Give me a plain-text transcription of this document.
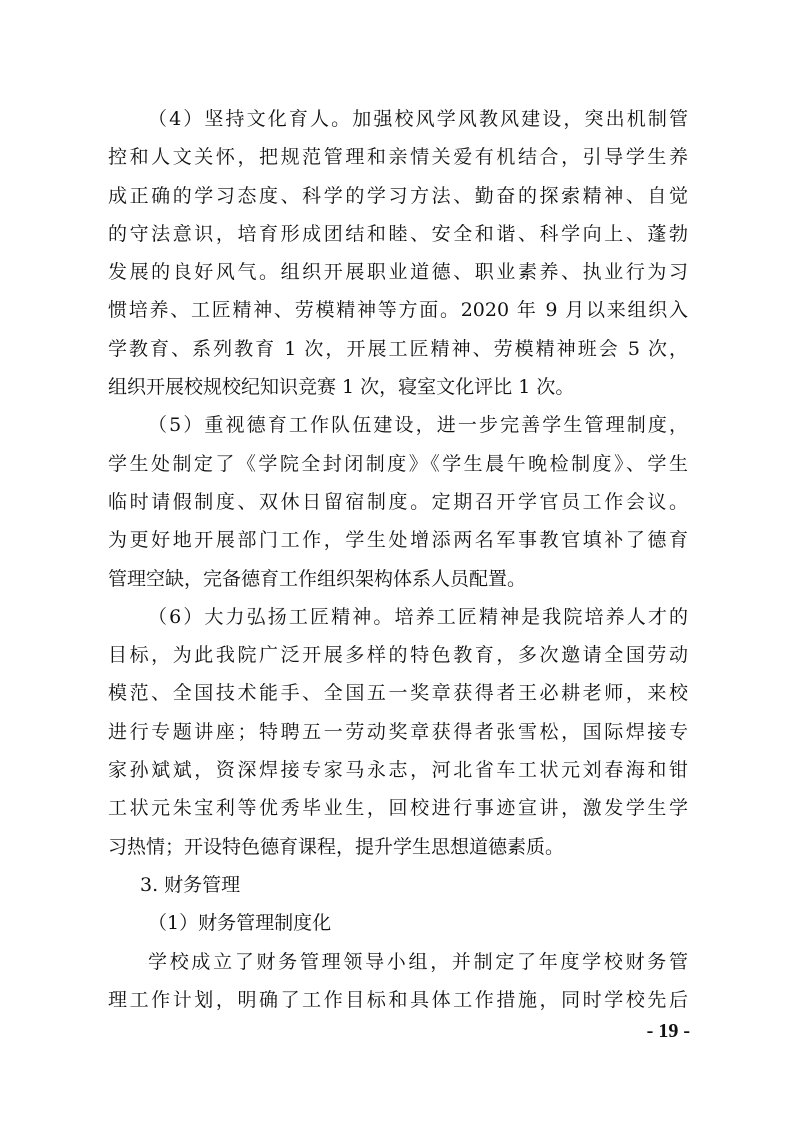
（4）坚持文化育人。加强校风学风教风建设，突出机制管
控和人文关怀，把规范管理和亲情关爱有机结合，引导学生养
成正确的学习态度、科学的学习方法、勤奋的探索精神、自觉
的守法意识，培育形成团结和睦、安全和谐、科学向上、蓬勃
发展的良好风气。组织开展职业道德、职业素养、执业行为习
惯培养、工匠精神、劳模精神等方面。2020 年 9 月以来组织入
学教育、系列教育 1 次，开展工匠精神、劳模精神班会 5 次，
组织开展校规校纪知识竞赛 1 次，寝室文化评比 1 次。
（5）重视德育工作队伍建设，进一步完善学生管理制度，
学生处制定了《学院全封闭制度》《学生晨午晚检制度》、学生
临时请假制度、双休日留宿制度。定期召开学官员工作会议。
为更好地开展部门工作，学生处增添两名军事教官填补了德育
管理空缺，完备德育工作组织架构体系人员配置。
（6）大力弘扬工匠精神。培养工匠精神是我院培养人才的
目标，为此我院广泛开展多样的特色教育，多次邀请全国劳动
模范、全国技术能手、全国五一奖章获得者王必耕老师，来校
进行专题讲座；特聘五一劳动奖章获得者张雪松，国际焊接专
家孙斌斌，资深焊接专家马永志，河北省车工状元刘春海和钳
工状元朱宝利等优秀毕业生，回校进行事迹宣讲，激发学生学
习热情；开设特色德育课程，提升学生思想道德素质。
3. 财务管理
（1）财务管理制度化
学校成立了财务管理领导小组，并制定了年度学校财务管
理工作计划，明确了工作目标和具体工作措施，同时学校先后
- 19 -
